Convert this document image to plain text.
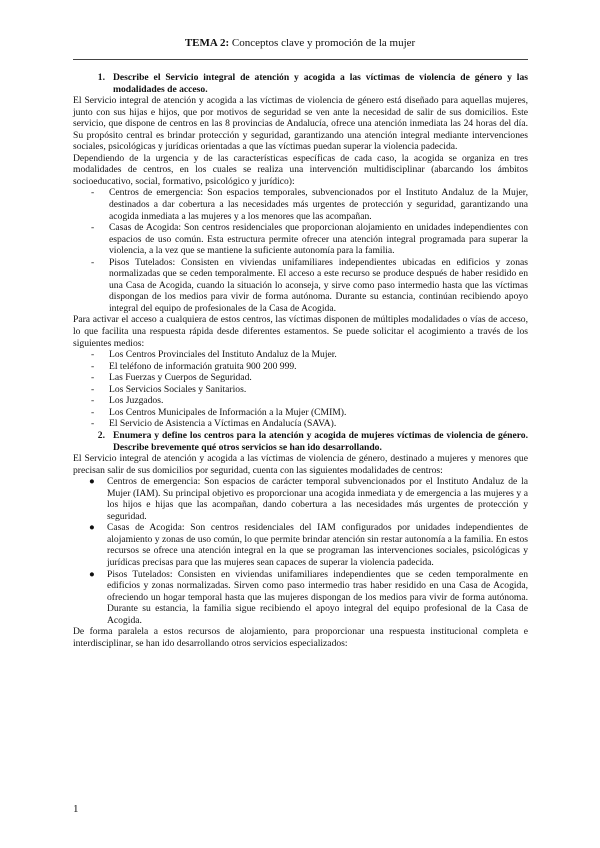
TEMA 2: Conceptos clave y promoción de la mujer
1. Describe el Servicio integral de atención y acogida a las víctimas de violencia de género y las modalidades de acceso.

El Servicio integral de atención y acogida a las víctimas de violencia de género está diseñado para aquellas mujeres, junto con sus hijas e hijos, que por motivos de seguridad se ven ante la necesidad de salir de sus domicilios. Este servicio, que dispone de centros en las 8 provincias de Andalucía, ofrece una atención inmediata las 24 horas del día. Su propósito central es brindar protección y seguridad, garantizando una atención integral mediante intervenciones sociales, psicológicas y jurídicas orientadas a que las víctimas puedan superar la violencia padecida.

Dependiendo de la urgencia y de las características específicas de cada caso, la acogida se organiza en tres modalidades de centros, en los cuales se realiza una intervención multidisciplinar (abarcando los ámbitos socioeducativo, social, formativo, psicológico y jurídico):

-	Centros de emergencia: Son espacios temporales, subvencionados por el Instituto Andaluz de la Mujer, destinados a dar cobertura a las necesidades más urgentes de protección y seguridad, garantizando una acogida inmediata a las mujeres y a los menores que las acompañan.
-	Casas de Acogida: Son centros residenciales que proporcionan alojamiento en unidades independientes con espacios de uso común. Esta estructura permite ofrecer una atención integral programada para superar la violencia, a la vez que se mantiene la suficiente autonomía para la familia.
-	Pisos Tutelados: Consisten en viviendas unifamiliares independientes ubicadas en edificios y zonas normalizadas que se ceden temporalmente. El acceso a este recurso se produce después de haber residido en una Casa de Acogida, cuando la situación lo aconseja, y sirve como paso intermedio hasta que las víctimas dispongan de los medios para vivir de forma autónoma. Durante su estancia, continúan recibiendo apoyo integral del equipo de profesionales de la Casa de Acogida.

Para activar el acceso a cualquiera de estos centros, las víctimas disponen de múltiples modalidades o vías de acceso, lo que facilita una respuesta rápida desde diferentes estamentos. Se puede solicitar el acogimiento a través de los siguientes medios:

-	Los Centros Provinciales del Instituto Andaluz de la Mujer.
-	El teléfono de información gratuita 900 200 999.
-	Las Fuerzas y Cuerpos de Seguridad.
-	Los Servicios Sociales y Sanitarios.
-	Los Juzgados.
-	Los Centros Municipales de Información a la Mujer (CMIM).
-	El Servicio de Asistencia a Víctimas en Andalucía (SAVA).
2. Enumera y define los centros para la atención y acogida de mujeres víctimas de violencia de género. Describe brevemente qué otros servicios se han ido desarrollando.

El Servicio integral de atención y acogida a las víctimas de violencia de género, destinado a mujeres y menores que precisan salir de sus domicilios por seguridad, cuenta con las siguientes modalidades de centros:

●	Centros de emergencia: Son espacios de carácter temporal subvencionados por el Instituto Andaluz de la Mujer (IAM). Su principal objetivo es proporcionar una acogida inmediata y de emergencia a las mujeres y a los hijos e hijas que las acompañan, dando cobertura a las necesidades más urgentes de protección y seguridad.
●	Casas de Acogida: Son centros residenciales del IAM configurados por unidades independientes de alojamiento y zonas de uso común, lo que permite brindar atención sin restar autonomía a la familia. En estos recursos se ofrece una atención integral en la que se programan las intervenciones sociales, psicológicas y jurídicas precisas para que las mujeres sean capaces de superar la violencia padecida.
●	Pisos Tutelados: Consisten en viviendas unifamiliares independientes que se ceden temporalmente en edificios y zonas normalizadas. Sirven como paso intermedio tras haber residido en una Casa de Acogida, ofreciendo un hogar temporal hasta que las mujeres dispongan de los medios para vivir de forma autónoma. Durante su estancia, la familia sigue recibiendo el apoyo integral del equipo profesional de la Casa de Acogida.

De forma paralela a estos recursos de alojamiento, para proporcionar una respuesta institucional completa e interdisciplinar, se han ido desarrollando otros servicios especializados:

1
